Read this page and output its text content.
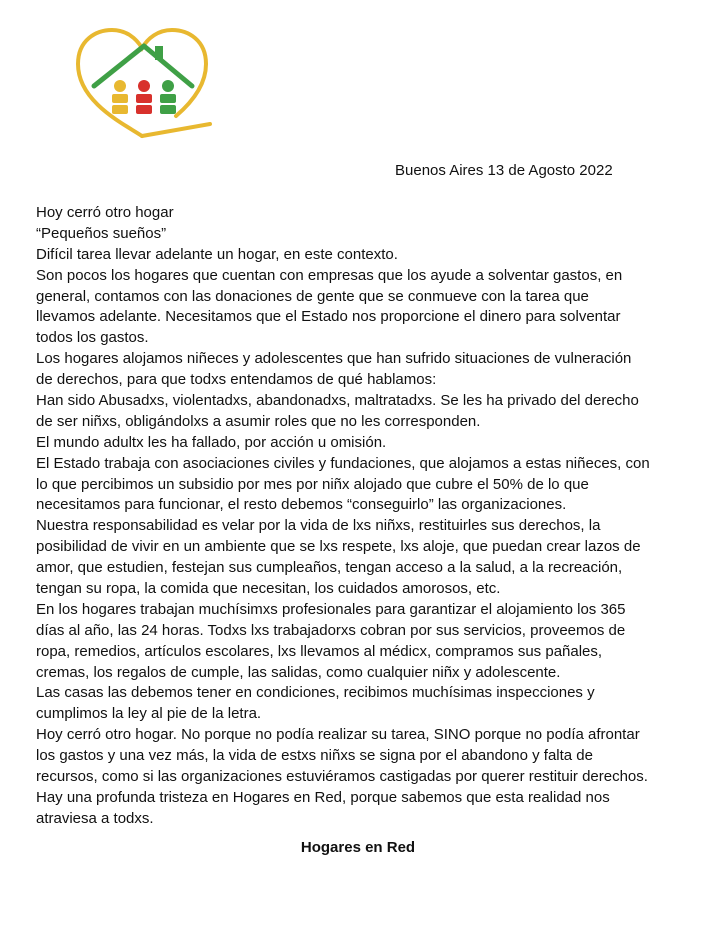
Buenos Aires 13 de Agosto 2022
Hoy cerró otro hogar
“Pequeños sueños”
Difícil tarea llevar adelante un hogar, en este contexto.
Son pocos los hogares que cuentan con empresas que los ayude a solventar gastos, en
general, contamos con las donaciones de gente que se conmueve con la tarea que
llevamos adelante. Necesitamos que el Estado nos proporcione el dinero para solventar
todos los gastos.
Los hogares alojamos niñeces y adolescentes que han sufrido situaciones de vulneración
de derechos, para que todxs entendamos de qué hablamos:
Han sido Abusadxs, violentadxs, abandonadxs, maltratadxs. Se les ha privado del derecho
de ser niñxs, obligándolxs a asumir roles que no les corresponden.
El mundo adultx les ha fallado, por acción u omisión.
El Estado trabaja con asociaciones civiles y fundaciones, que alojamos a estas niñeces, con
lo que percibimos un subsidio por mes por niñx alojado que cubre el 50% de lo que
necesitamos para funcionar, el resto debemos “conseguirlo” las organizaciones.
Nuestra responsabilidad es velar por la vida de lxs niñxs, restituirles sus derechos, la
posibilidad de vivir en un ambiente que se lxs respete, lxs aloje, que puedan crear lazos de
amor, que estudien, festejan sus cumpleaños, tengan acceso a la salud, a la recreación,
tengan su ropa, la comida que necesitan, los cuidados amorosos, etc.
En los hogares trabajan muchísimxs profesionales para garantizar el alojamiento los 365
días al año, las 24 horas. Todxs lxs trabajadorxs cobran por sus servicios, proveemos de
ropa, remedios, artículos escolares, lxs llevamos al médicx, compramos sus pañales,
cremas, los regalos de cumple, las salidas, como cualquier niñx y adolescente.
Las casas las debemos tener en condiciones, recibimos muchísimas inspecciones y
cumplimos la ley al pie de la letra.
Hoy cerró otro hogar. No porque no podía realizar su tarea, SINO porque no podía afrontar
los gastos y una vez más, la vida de estxs niñxs se signa por el abandono y falta de
recursos, como si las organizaciones estuviéramos castigadas por querer restituir derechos.
Hay una profunda tristeza en Hogares en Red, porque sabemos que esta realidad nos
atraviesa a todxs.
Hogares en Red
